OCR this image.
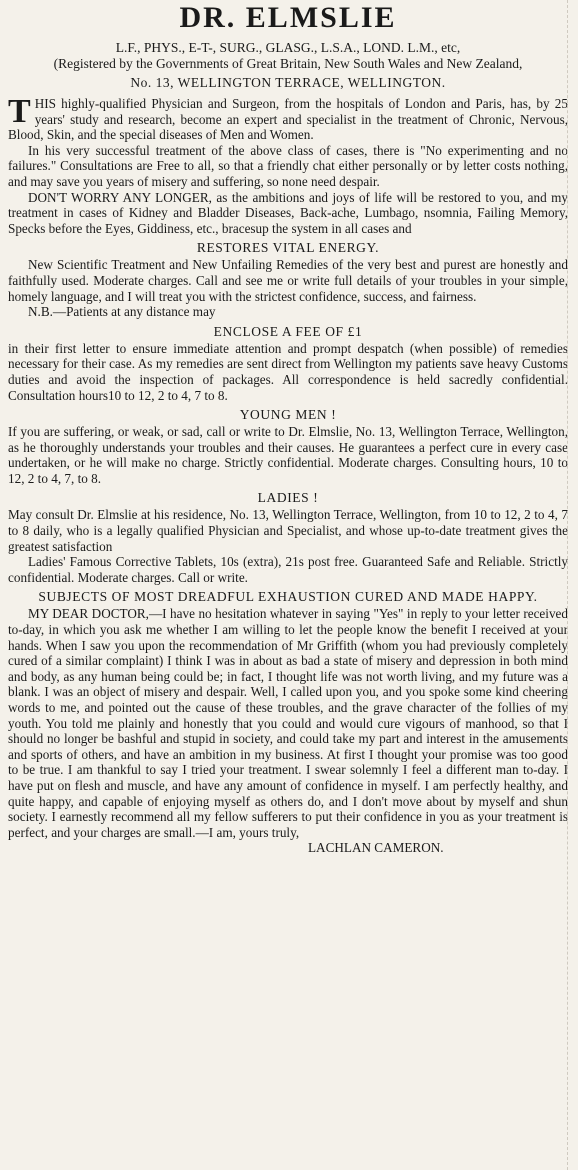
DR. ELMSLIE

L.F., PHYS., E-T-, SURG., GLASG., L.S.A., LOND. L.M., etc,

(Registered by the Governments of Great Britain, New South Wales and New Zealand,

No. 13, WELLINGTON TERRACE, WELLINGTON.

T HIS highly-qualified Physician and Surgeon, from the hospitals of London and Paris, has, by 25 years' study and research, become an expert and specialist in the treatment of Chronic, Nervous, Blood, Skin, and the special diseases of Men and Women.

In his very successful treatment of the above class of cases, there is "No experimenting and no failures." Consultations are Free to all, so that a friendly chat either personally or by letter costs nothing, and may save you years of misery and suffering, so none need despair.

DON'T WORRY ANY LONGER, as the ambitions and joys of life will be restored to you, and my treatment in cases of Kidney and Bladder Diseases, Back-ache, Lumbago, nsomnia, Failing Memory, Specks before the Eyes, Giddiness, etc., bracesup the system in all cases and

RESTORES VITAL ENERGY.

New Scientific Treatment and New Unfailing Remedies of the very best and purest are honestly and faithfully used. Moderate charges. Call and see me or write full details of your troubles in your simple, homely language, and I will treat you with the strictest confidence, success, and fairness.

N.B.—Patients at any distance may

ENCLOSE A FEE OF £1

in their first letter to ensure immediate attention and prompt despatch (when possible) of remedies necessary for their case. As my remedies are sent direct from Wellington my patients save heavy Customs duties and avoid the inspection of packages. All correspondence is held sacredly confidential. Consultation hours10 to 12, 2 to 4, 7 to 8.

YOUNG MEN !

If you are suffering, or weak, or sad, call or write to Dr. Elmslie, No. 13, Wellington Terrace, Wellington, as he thoroughly understands your troubles and their causes. He guarantees a perfect cure in every case undertaken, or he will make no charge. Strictly confidential. Moderate charges. Consulting hours, 10 to 12, 2 to 4, 7, to 8.

LADIES !

May consult Dr. Elmslie at his residence, No. 13, Wellington Terrace, Wellington, from 10 to 12, 2 to 4, 7 to 8 daily, who is a legally qualified Physician and Specialist, and whose up-to-date treatment gives the greatest satisfaction

Ladies' Famous Corrective Tablets, 10s (extra), 21s post free. Guaranteed Safe and Reliable. Strictly confidential. Moderate charges. Call or write.

SUBJECTS OF MOST DREADFUL EXHAUSTION CURED AND MADE HAPPY.

MY DEAR DOCTOR,—I have no hesitation whatever in saying "Yes" in reply to your letter received to-day, in which you ask me whether I am willing to let the people know the benefit I received at your hands. When I saw you upon the recommendation of Mr Griffith (whom you had previously completely cured of a similar complaint) I think I was in about as bad a state of misery and depression in both mind and body, as any human being could be; in fact, I thought life was not worth living, and my future was a blank. I was an object of misery and despair. Well, I called upon you, and you spoke some kind cheering words to me, and pointed out the cause of these troubles, and the grave character of the follies of my youth. You told me plainly and honestly that you could and would cure vigours of manhood, so that I should no longer be bashful and stupid in society, and could take my part and interest in the amusements and sports of others, and have an ambition in my business. At first I thought your promise was too good to be true. I am thankful to say I tried your treatment. I swear solemnly I feel a different man to-day. I have put on flesh and muscle, and have any amount of confidence in myself. I am perfectly healthy, and quite happy, and capable of enjoying myself as others do, and I don't move about by myself and shun society. I earnestly recommend all my fellow sufferers to put their confidence in you as your treatment is perfect, and your charges are small.—I am, yours truly,

LACHLAN CAMERON.
